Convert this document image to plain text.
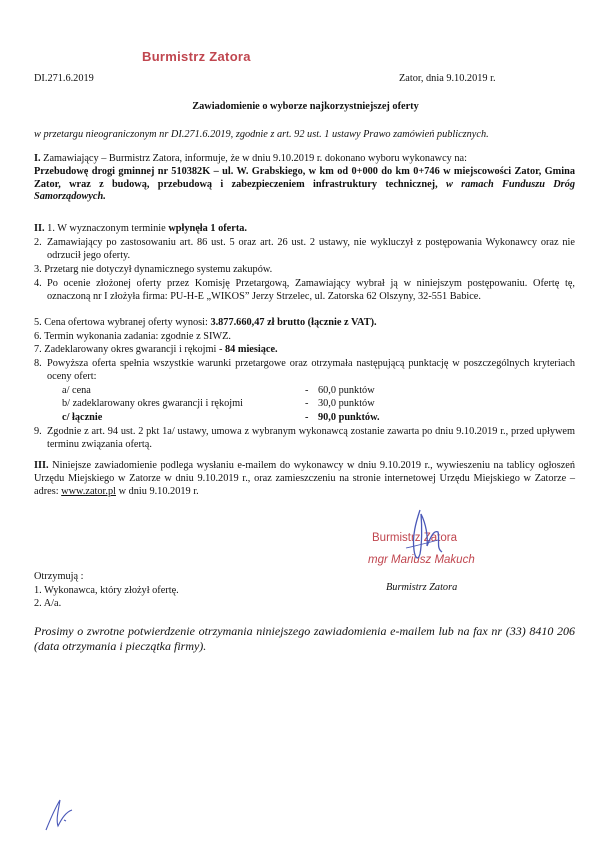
Burmistrz Zatora
DI.271.6.2019	Zator, dnia 9.10.2019 r.
Zawiadomienie o wyborze najkorzystniejszej oferty
w przetargu nieograniczonym nr DI.271.6.2019, zgodnie z art. 92 ust. 1 ustawy Prawo zamówień publicznych.
I. Zamawiający – Burmistrz Zatora, informuje, że w dniu 9.10.2019 r. dokonano wyboru wykonawcy na:
Przebudowę drogi gminnej nr 510382K – ul. W. Grabskiego, w km od 0+000 do km 0+746 w miejscowości Zator, Gmina Zator, wraz z budową, przebudową i zabezpieczeniem infrastruktury technicznej, w ramach Funduszu Dróg Samorządowych.
II. 1. W wyznaczonym terminie wpłynęła 1 oferta.
2. Zamawiający po zastosowaniu art. 86 ust. 5 oraz art. 26 ust. 2 ustawy, nie wykluczył z postępowania Wykonawcy oraz nie odrzucił jego oferty.
3. Przetarg nie dotyczył dynamicznego systemu zakupów.
4. Po ocenie złożonej oferty przez Komisję Przetargową, Zamawiający wybrał ją w niniejszym postępowaniu. Ofertę tę, oznaczoną nr I złożyła firma: PU-H-E „WIKOS” Jerzy Strzelec, ul. Zatorska 62 Olszyny, 32-551 Babice.
5. Cena ofertowa wybranej oferty wynosi: 3.877.660,47 zł brutto (łącznie z VAT).
6. Termin wykonania zadania: zgodnie z SIWZ.
7. Zadeklarowany okres gwarancji i rękojmi - 84 miesiące.
8. Powyższa oferta spełnia wszystkie warunki przetargowe oraz otrzymała następującą punktację w poszczególnych kryteriach oceny ofert:
a/ cena	- 60,0 punktów
b/ zadeklarowany okres gwarancji i rękojmi	- 30,0 punktów
c/ łącznie	- 90,0 punktów.
9. Zgodnie z art. 94 ust. 2 pkt 1a/ ustawy, umowa z wybranym wykonawcą zostanie zawarta po dniu 9.10.2019 r., przed upływem terminu związania ofertą.
III. Niniejsze zawiadomienie podlega wysłaniu e-mailem do wykonawcy w dniu 9.10.2019 r., wywieszeniu na tablicy ogłoszeń Urzędu Miejskiego w Zatorze w dniu 9.10.2019 r., oraz zamieszczeniu na stronie internetowej Urzędu Miejskiego w Zatorze – adres: www.zator.pl w dniu 9.10.2019 r.
Burmistrz Zatora
mgr Mariusz Makuch
Burmistrz Zatora
Otrzymują :
1. Wykonawca, który złożył ofertę.
2. A/a.
Prosimy o zwrotne potwierdzenie otrzymania niniejszego zawiadomienia e-mailem lub na fax nr (33) 8410 206 (data otrzymania i pieczątka firmy).
